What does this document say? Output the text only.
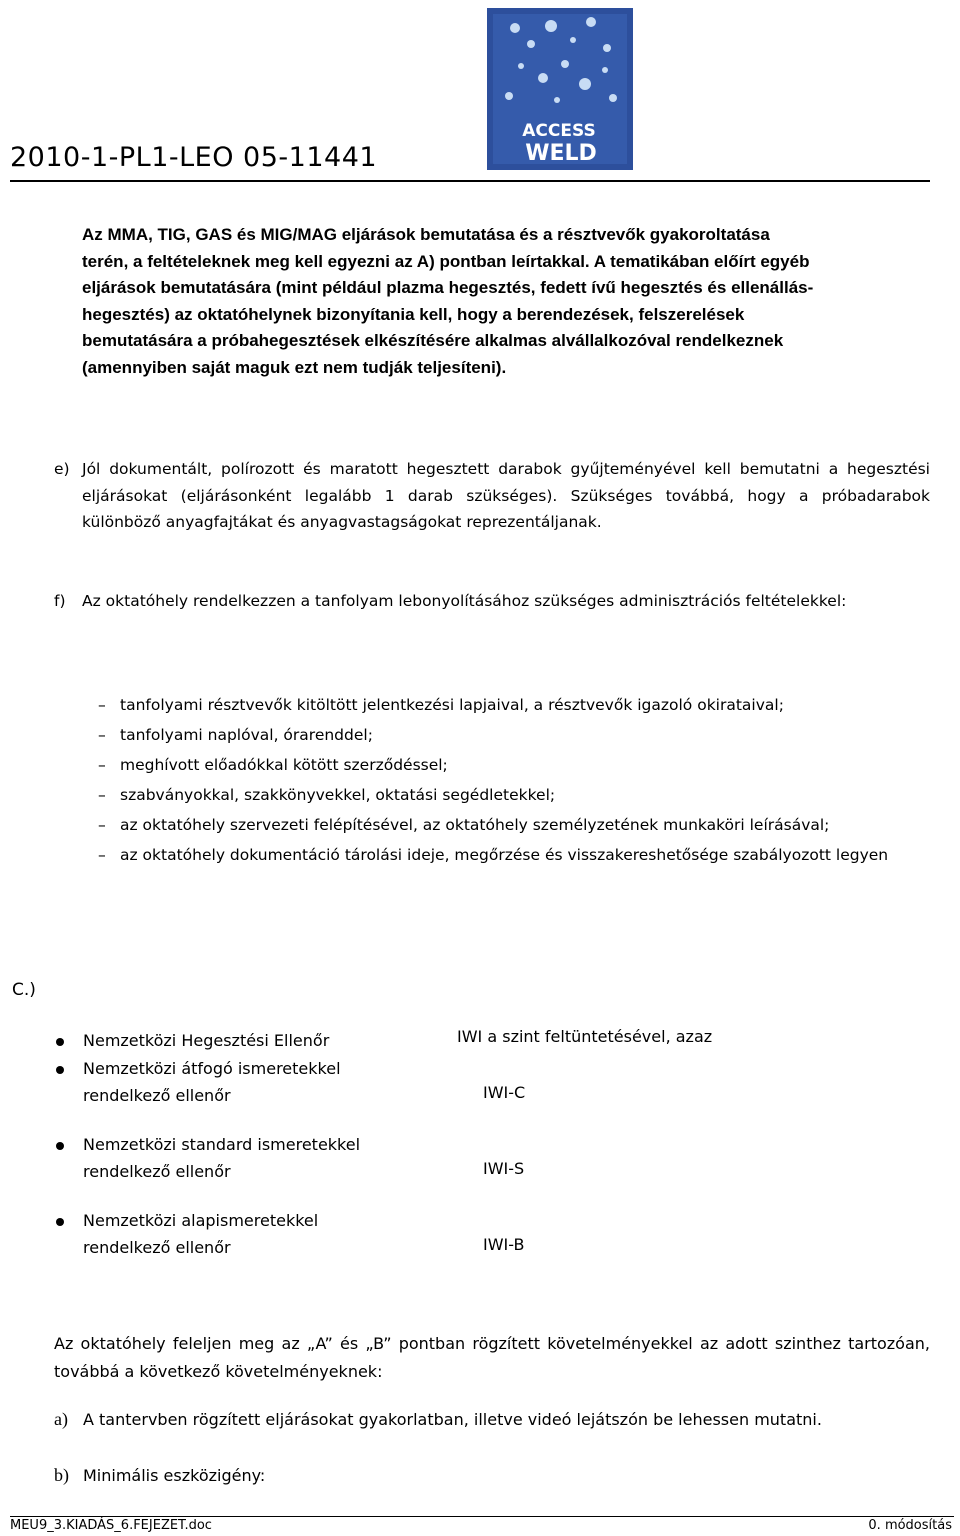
2010-1-PL1-LEO 05-11441
ACCESS
WELD
Az MMA, TIG, GAS és MIG/MAG eljárások bemutatása és a résztvevők gyakoroltatása
terén, a feltételeknek meg kell egyezni az A) pontban leírtakkal. A tematikában előírt egyéb
eljárások bemutatására (mint például plazma hegesztés, fedett ívű hegesztés és ellenállás-
hegesztés) az oktatóhelynek bizonyítania kell, hogy a berendezések, felszerelések
bemutatására a próbahegesztések elkészítésére alkalmas alvállalkozóval rendelkeznek
(amennyiben saját maguk ezt nem tudják teljesíteni).
e) Jól dokumentált, polírozott és maratott hegesztett darabok gyűjteményével kell bemutatni a hegesztési eljárásokat (eljárásonként legalább 1 darab szükséges). Szükséges továbbá, hogy a próbadarabok különböző anyagfajtákat és anyagvastagságokat reprezentáljanak.
f) Az oktatóhely rendelkezzen a tanfolyam lebonyolításához szükséges adminisztrációs feltételekkel:
– tanfolyami résztvevők kitöltött jelentkezési lapjaival, a résztvevők igazoló okirataival;
– tanfolyami naplóval, órarenddel;
– meghívott előadókkal kötött szerződéssel;
– szabványokkal, szakkönyvekkel, oktatási segédletekkel;
– az oktatóhely szervezeti felépítésével, az oktatóhely személyzetének munkaköri leírásával;
– az oktatóhely dokumentáció tárolási ideje, megőrzése és visszakereshetősége szabályozott legyen
C.)
Nemzetközi Hegesztési Ellenőr	IWI a szint feltüntetésével, azaz
Nemzetközi átfogó ismeretekkel
rendelkező ellenőr	IWI-C
Nemzetközi standard ismeretekkel
rendelkező ellenőr	IWI-S
Nemzetközi alapismeretekkel
rendelkező ellenőr	IWI-B
Az oktatóhely feleljen meg az „A” és „B” pontban rögzített követelményekkel az adott szinthez tartozóan, továbbá a következő követelményeknek:
a) A tantervben rögzített eljárásokat gyakorlatban, illetve videó lejátszón be lehessen mutatni.
b) Minimális eszközigény:
MEU9_3.KIADÁS_6.FEJEZET.doc	0. módosítás
